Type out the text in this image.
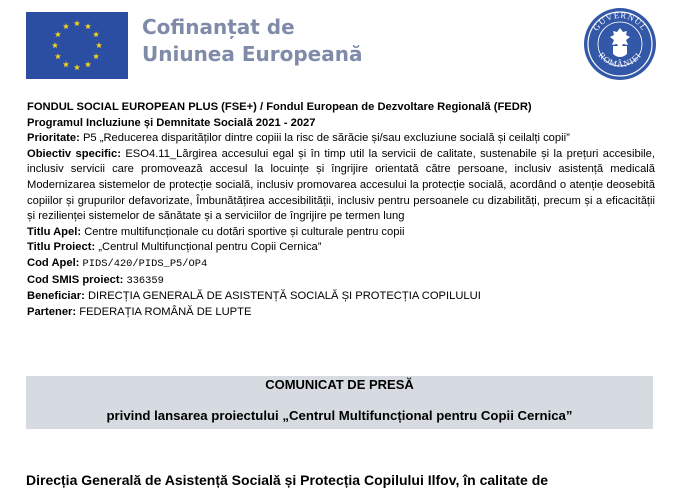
Cofinanțat de
Uniunea Europeană
GUVERNUL
ROMÂNIEI

FONDUL SOCIAL EUROPEAN PLUS (FSE+) / Fondul European de Dezvoltare Regională (FEDR)

Programul Incluziune și Demnitate Socială 2021 - 2027

Prioritate: P5 „Reducerea disparităților dintre copiii la risc de sărăcie și/sau excluziune socială și ceilalți copii”

Obiectiv specific: ESO4.11_Lărgirea accesului egal și în timp util la servicii de calitate, sustenabile și la prețuri accesibile, inclusiv servicii care promovează accesul la locuințe și îngrijire orientată către persoane, inclusiv asistență medicală Modernizarea sistemelor de protecție socială, inclusiv promovarea accesului la protecție socială, acordând o atenție deosebită copiilor și grupurilor defavorizate, Îmbunătățirea accesibilității, inclusiv pentru persoanele cu dizabilități, precum și a eficacității și rezilienței sistemelor de sănătate și a serviciilor de îngrijire pe termen lung

Titlu Apel: Centre multifuncționale cu dotări sportive și culturale pentru copii

Titlu Proiect: „Centrul Multifuncțional pentru Copii Cernica”

Cod Apel: PIDS/420/PIDS_P5/OP4

Cod SMIS proiect: 336359

Beneficiar: DIRECȚIA GENERALĂ DE ASISTENȚĂ SOCIALĂ ȘI PROTECȚIA COPILULUI

Partener: FEDERAȚIA ROMÂNĂ DE LUPTE

COMUNICAT DE PRESĂ
privind lansarea proiectului „Centrul Multifuncțional pentru Copii Cernica”
Direcția Generală de Asistență Socială și Protecția Copilului Ilfov, în calitate de
